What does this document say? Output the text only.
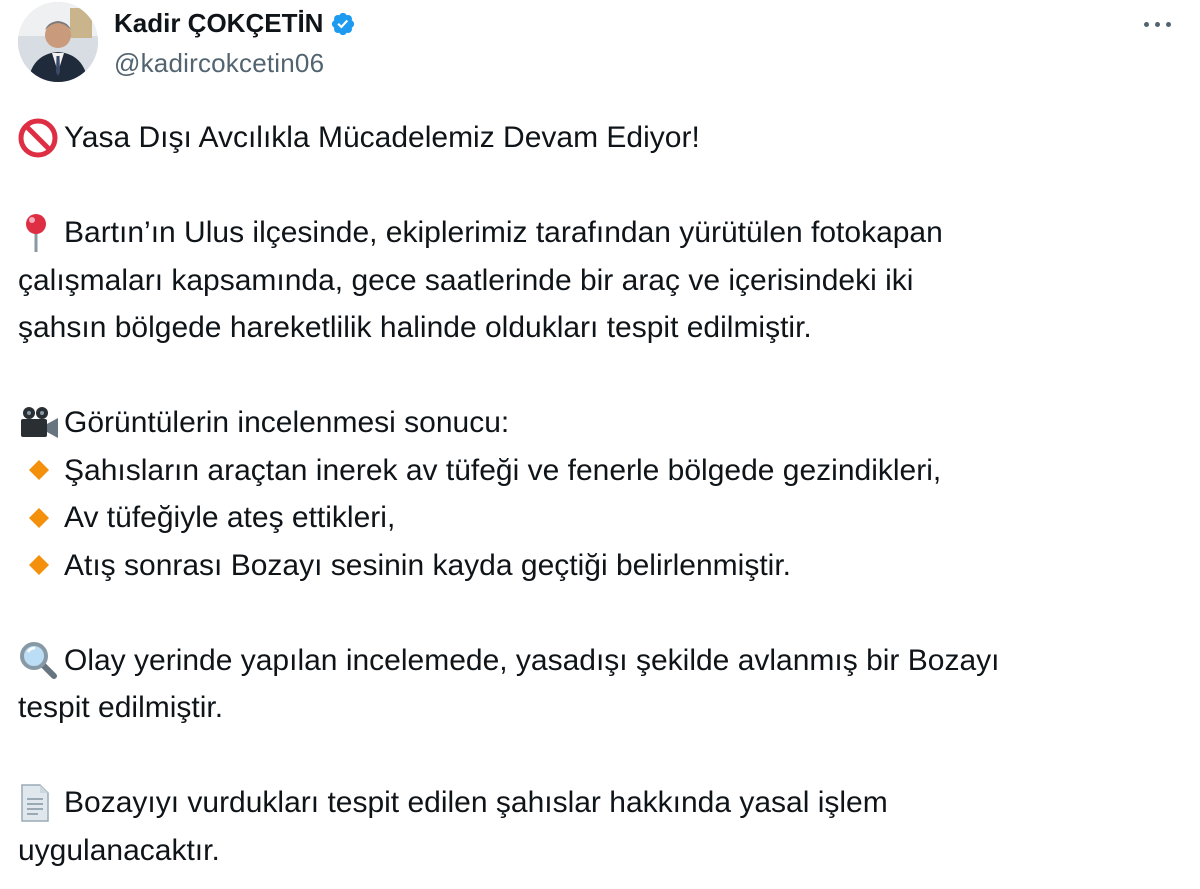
Kadir ÇOKÇETİN
@kadircokcetin06
Yasa Dışı Avcılıkla Mücadelemiz Devam Ediyor!
Bartın’ın Ulus ilçesinde, ekiplerimiz tarafından yürütülen fotokapan
çalışmaları kapsamında, gece saatlerinde bir araç ve içerisindeki iki
şahsın bölgede hareketlilik halinde oldukları tespit edilmiştir.
Görüntülerin incelenmesi sonucu:
Şahısların araçtan inerek av tüfeği ve fenerle bölgede gezindikleri,
Av tüfeğiyle ateş ettikleri,
Atış sonrası Bozayı sesinin kayda geçtiği belirlenmiştir.
Olay yerinde yapılan incelemede, yasadışı şekilde avlanmış bir Bozayı
tespit edilmiştir.
Bozayıyı vurdukları tespit edilen şahıslar hakkında yasal işlem
uygulanacaktır.
